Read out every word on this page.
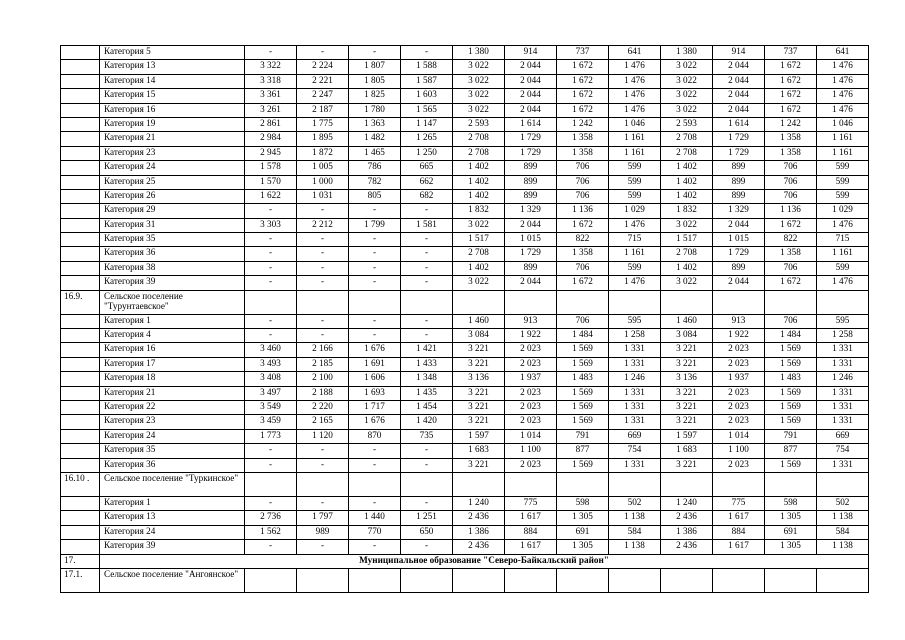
	Категория 5	-	-	-	-	1 380	914	737	641	1 380	914	737	641
	Категория 13	3 322	2 224	1 807	1 588	3 022	2 044	1 672	1 476	3 022	2 044	1 672	1 476
	Категория 14	3 318	2 221	1 805	1 587	3 022	2 044	1 672	1 476	3 022	2 044	1 672	1 476
	Категория 15	3 361	2 247	1 825	1 603	3 022	2 044	1 672	1 476	3 022	2 044	1 672	1 476
	Категория 16	3 261	2 187	1 780	1 565	3 022	2 044	1 672	1 476	3 022	2 044	1 672	1 476
	Категория 19	2 861	1 775	1 363	1 147	2 593	1 614	1 242	1 046	2 593	1 614	1 242	1 046
	Категория 21	2 984	1 895	1 482	1 265	2 708	1 729	1 358	1 161	2 708	1 729	1 358	1 161
	Категория 23	2 945	1 872	1 465	1 250	2 708	1 729	1 358	1 161	2 708	1 729	1 358	1 161
	Категория 24	1 578	1 005	786	665	1 402	899	706	599	1 402	899	706	599
	Категория 25	1 570	1 000	782	662	1 402	899	706	599	1 402	899	706	599
	Категория 26	1 622	1 031	805	682	1 402	899	706	599	1 402	899	706	599
	Категория 29	-	-	-	-	1 832	1 329	1 136	1 029	1 832	1 329	1 136	1 029
	Категория 31	3 303	2 212	1 799	1 581	3 022	2 044	1 672	1 476	3 022	2 044	1 672	1 476
	Категория 35	-	-	-	-	1 517	1 015	822	715	1 517	1 015	822	715
	Категория 36	-	-	-	-	2 708	1 729	1 358	1 161	2 708	1 729	1 358	1 161
	Категория 38	-	-	-	-	1 402	899	706	599	1 402	899	706	599
	Категория 39	-	-	-	-	3 022	2 044	1 672	1 476	3 022	2 044	1 672	1 476
16.9.	Сельское поселение "Турунтаевское"												
	Категория 1	-	-	-	-	1 460	913	706	595	1 460	913	706	595
	Категория 4	-	-	-	-	3 084	1 922	1 484	1 258	3 084	1 922	1 484	1 258
	Категория 16	3 460	2 166	1 676	1 421	3 221	2 023	1 569	1 331	3 221	2 023	1 569	1 331
	Категория 17	3 493	2 185	1 691	1 433	3 221	2 023	1 569	1 331	3 221	2 023	1 569	1 331
	Категория 18	3 408	2 100	1 606	1 348	3 136	1 937	1 483	1 246	3 136	1 937	1 483	1 246
	Категория 21	3 497	2 188	1 693	1 435	3 221	2 023	1 569	1 331	3 221	2 023	1 569	1 331
	Категория 22	3 549	2 220	1 717	1 454	3 221	2 023	1 569	1 331	3 221	2 023	1 569	1 331
	Категория 23	3 459	2 165	1 676	1 420	3 221	2 023	1 569	1 331	3 221	2 023	1 569	1 331
	Категория 24	1 773	1 120	870	735	1 597	1 014	791	669	1 597	1 014	791	669
	Категория 35	-	-	-	-	1 683	1 100	877	754	1 683	1 100	877	754
	Категория 36	-	-	-	-	3 221	2 023	1 569	1 331	3 221	2 023	1 569	1 331
16.10 .	Сельское поселение "Туркинское"												
	Категория 1	-	-	-	-	1 240	775	598	502	1 240	775	598	502
	Категория 13	2 736	1 797	1 440	1 251	2 436	1 617	1 305	1 138	2 436	1 617	1 305	1 138
	Категория 24	1 562	989	770	650	1 386	884	691	584	1 386	884	691	584
	Категория 39	-	-	-	-	2 436	1 617	1 305	1 138	2 436	1 617	1 305	1 138
17.	Муниципальное образование "Северо-Байкальский район"												
17.1.	Сельское поселение "Ангоянское"												
